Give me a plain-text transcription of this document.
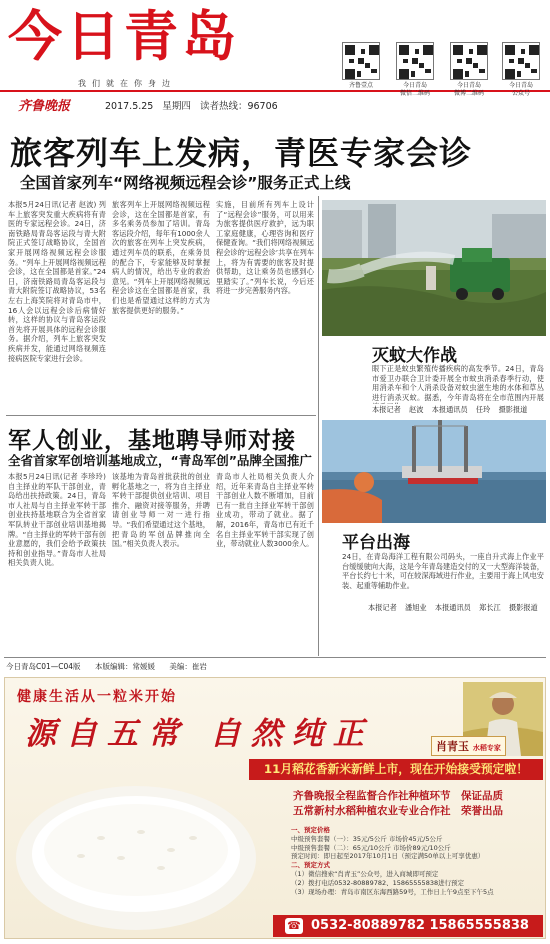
今日青岛
我们就在你身边
齐鲁晚报	2017.5.25 星期四 读者热线：96706
齐鲁壹点	今日青岛
微信二维码
今日青岛
微博二维码
今日青岛
公众号
旅客列车上发病，青医专家会诊
全国首家列车“网络视频远程会诊”服务正式上线
本报5月24日讯(记者 赵波) 列车上旅客突发重大疾病将有青医的专家远程会诊。24日，济南铁路局青岛客运段与青大附院正式签订战略协议，全国首家开展网络视频远程会诊服务。“列车上开展网络视频远程会诊，这在全国都是首家。”24日，济南铁路局青岛客运段与青大附院签订战略协议，53名左右上海笑院将对青岛市中，16人会以远程会诊后病情好转，这样的协议与青岛客运段首先将开展具体的远程会诊服务。据介绍，列车上旅客突发疾病并发，能通过网络视频连接病医院专家进行会诊。
旅客列车上开展网络视频远程会诊，这在全国都是首家，有多名乘务员参加了培训。青岛客运段介绍，每年有1000余人次的旅客在列车上突发疾病，通过列车员的联系，在乘务员的配合下，专家能够及时掌握病人的情况，给出专业的救治意见。“列车上开展网络视频远程会诊这在全国都是首家，我们也是希望通过这样的方式为旅客提供更好的服务。”
实施，目前所有列车上设计了“远程会诊”服务，可以用来为旅客提供医疗救护，远为职工家庭健康，心理咨询和医疗保健查询。“我们将网络视频远程会诊的‘远程会诊’共享在列车上，将为有需要的旅客及时提供帮助，这让乘务员也感到心里踏实了。”列车长说，今后还将进一步完善服务内容。
灭蚊大作战
眼下正是蚊虫繁殖传播疾病的高发季节。24日，青岛市爱卫办联合卫计委开展全市蚊虫消杀春季行动，使用消杀车和个人消杀设备对蚊虫滋生地的水体和草丛进行消杀灭蚊。据悉，今年青岛将在全市范围内开展
本报记者 赵波 本报通讯员 任玲 摄影报道
平台出海
24日，在青岛海洋工程有限公司码头，一座自升式海上作业平台缓缓驶向大海，这是今年青岛建造交付的又一大型海洋装备，平台长约七十米，可在较深海域进行作业，主要用于海上风电安装、起重等辅助作业。
本报记者 潘旭业 本报通讯员 郑长江 摄影报道
军人创业，基地聘导师对接
全省首家军创培训基地成立，“青岛军创”品牌全国推广
本报5月24日讯(记者 李珍玲) 自主择业的军队干部创业，青岛给出扶持政策。24日，青岛市人社局与自主择业军转干部创业扶持基地联合为全省首家军队转业干部创业培训基地揭牌。“自主择业的军转干部有创业意愿的，我们会给予政策扶持和创业指导。”青岛市人社局相关负责人说。
该基地为青岛首批获批的创业孵化基地之一，将为自主择业军转干部提供创业培训、项目推介、融资对接等服务，并聘请创业导师一对一进行指导。“我们希望通过这个基地，把青岛的军创品牌推向全国。”相关负责人表示。
青岛市人社局相关负责人介绍，近年来青岛自主择业军转干部创业人数不断增加，目前已有一批自主择业军转干部创业成功，带动了就业。据了解，2016年，青岛市已有近千名自主择业军转干部实现了创业，带动就业人数3000余人。
今日青岛C01—C04版 本版编辑：常媛媛 美编：崔岩
健康生活从一粒米开始
源自五常 自然纯正	肖青玉 水稻专家
11月稻花香新米新鲜上市，现在开始接受预定啦！
齐鲁晚报全程监督合作社种植环节
五常新村水稻种植农业专业合作社
保证品质
荣誉出品
一、预定价格
中级预售套餐（一）：35元/5公斤 市场价45元/5公斤
中级预售套餐（二）：65元/10公斤 市场价89元/10公斤
预定时间：即日起至2017年10月1日（预定满50单以上可享优惠）
二、预定方式
（1）微信搜索“肖青玉”公众号，进入商城即可预定
（2）拨打电话0532-80889782、15865555838进行预定
（3）现场办理：青岛市南区东海西路59号，工作日上午9点至下午5点
☎ 0532-80889782 15865555838
